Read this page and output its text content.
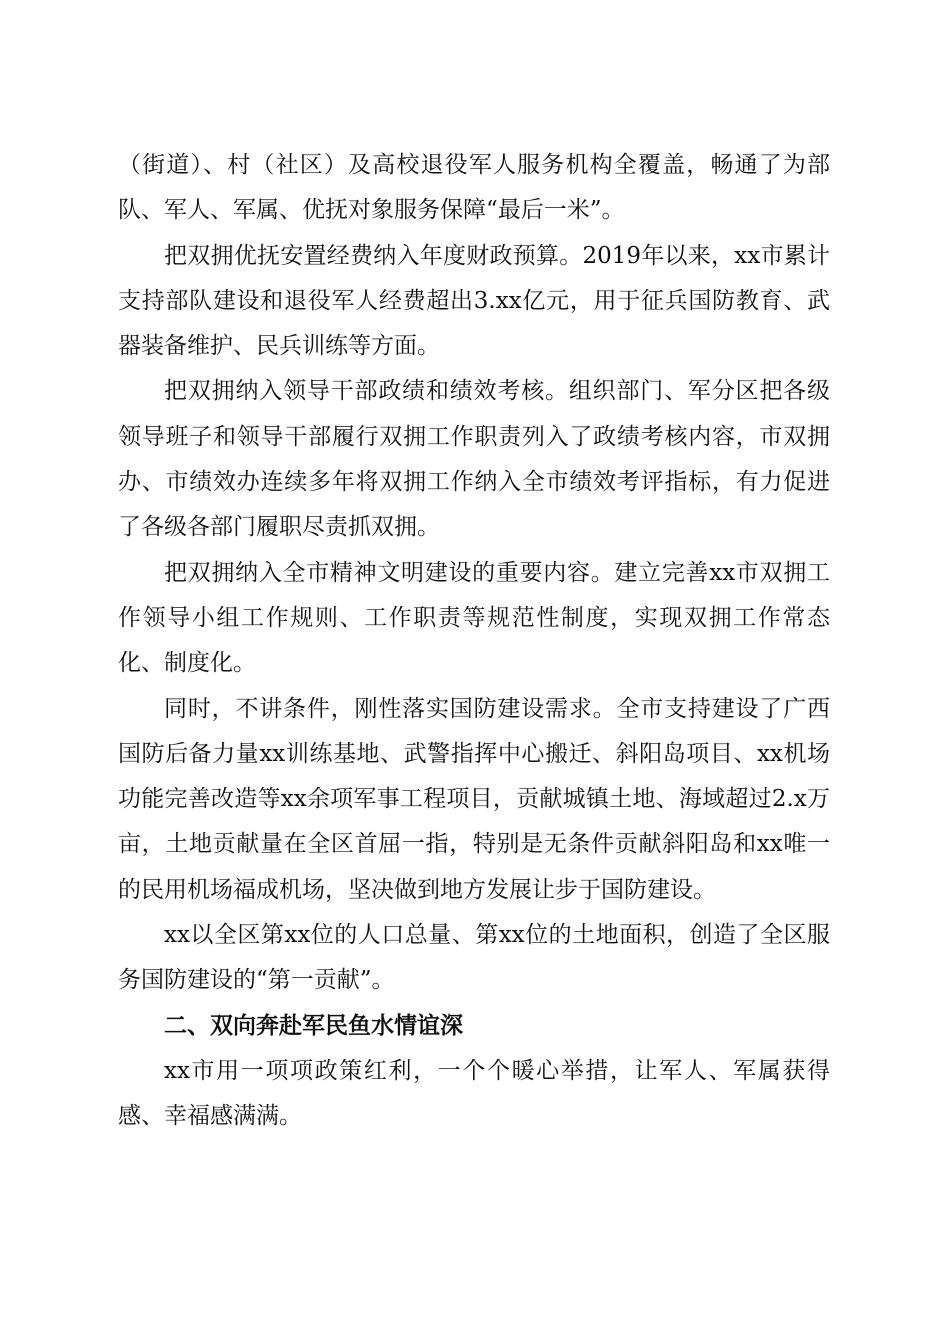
（街道）、村（社区）及高校退役军人服务机构全覆盖，畅通了为部队、军人、军属、优抚对象服务保障“最后一米”。

把双拥优抚安置经费纳入年度财政预算。2019年以来，xx市累计支持部队建设和退役军人经费超出3.xx亿元，用于征兵国防教育、武器装备维护、民兵训练等方面。

把双拥纳入领导干部政绩和绩效考核。组织部门、军分区把各级领导班子和领导干部履行双拥工作职责列入了政绩考核内容，市双拥办、市绩效办连续多年将双拥工作纳入全市绩效考评指标，有力促进了各级各部门履职尽责抓双拥。

把双拥纳入全市精神文明建设的重要内容。建立完善xx市双拥工作领导小组工作规则、工作职责等规范性制度，实现双拥工作常态化、制度化。

同时，不讲条件，刚性落实国防建设需求。全市支持建设了广西国防后备力量xx训练基地、武警指挥中心搬迁、斜阳岛项目、xx机场功能完善改造等xx余项军事工程项目，贡献城镇土地、海域超过2.x万亩，土地贡献量在全区首屈一指，特别是无条件贡献斜阳岛和xx唯一的民用机场福成机场，坚决做到地方发展让步于国防建设。

xx以全区第xx位的人口总量、第xx位的土地面积，创造了全区服务国防建设的“第一贡献”。

二、双向奔赴军民鱼水情谊深

xx市用一项项政策红利，一个个暖心举措，让军人、军属获得感、幸福感满满。
